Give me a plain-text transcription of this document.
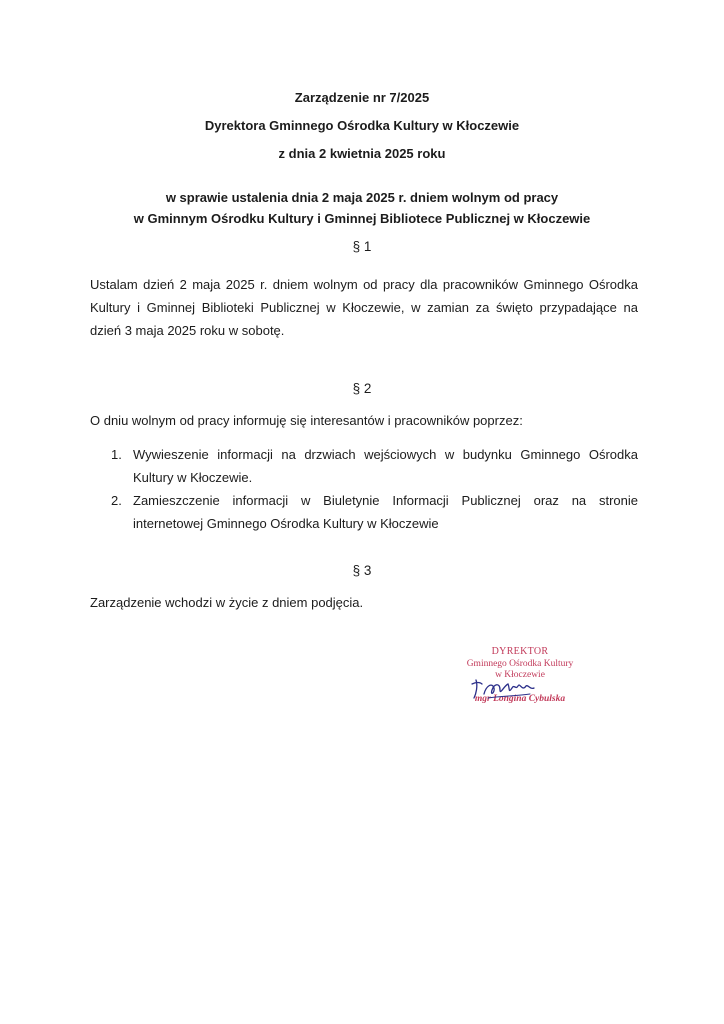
Zarządzenie nr 7/2025
Dyrektora Gminnego Ośrodka Kultury w Kłoczewie
z dnia 2 kwietnia 2025 roku
w sprawie ustalenia dnia 2 maja 2025 r. dniem wolnym od pracy
w Gminnym Ośrodku Kultury i Gminnej Bibliotece Publicznej w Kłoczewie
§ 1
Ustalam dzień 2 maja 2025 r. dniem wolnym od pracy dla pracowników Gminnego Ośrodka
Kultury i Gminnej Biblioteki Publicznej w Kłoczewie, w zamian za święto przypadające na
dzień 3 maja 2025 roku w sobotę.
§ 2
O dniu wolnym od pracy informuję się interesantów i pracowników poprzez:
1. Wywieszenie informacji na drzwiach wejściowych w budynku Gminnego Ośrodka
Kultury w Kłoczewie.
2. Zamieszczenie informacji w Biuletynie Informacji Publicznej oraz na stronie
internetowej Gminnego Ośrodka Kultury w Kłoczewie
§ 3
Zarządzenie wchodzi w życie z dniem podjęcia.
DYREKTOR
Gminnego Ośrodka Kultury
w Kłoczewie
mgr Longina Cybulska
